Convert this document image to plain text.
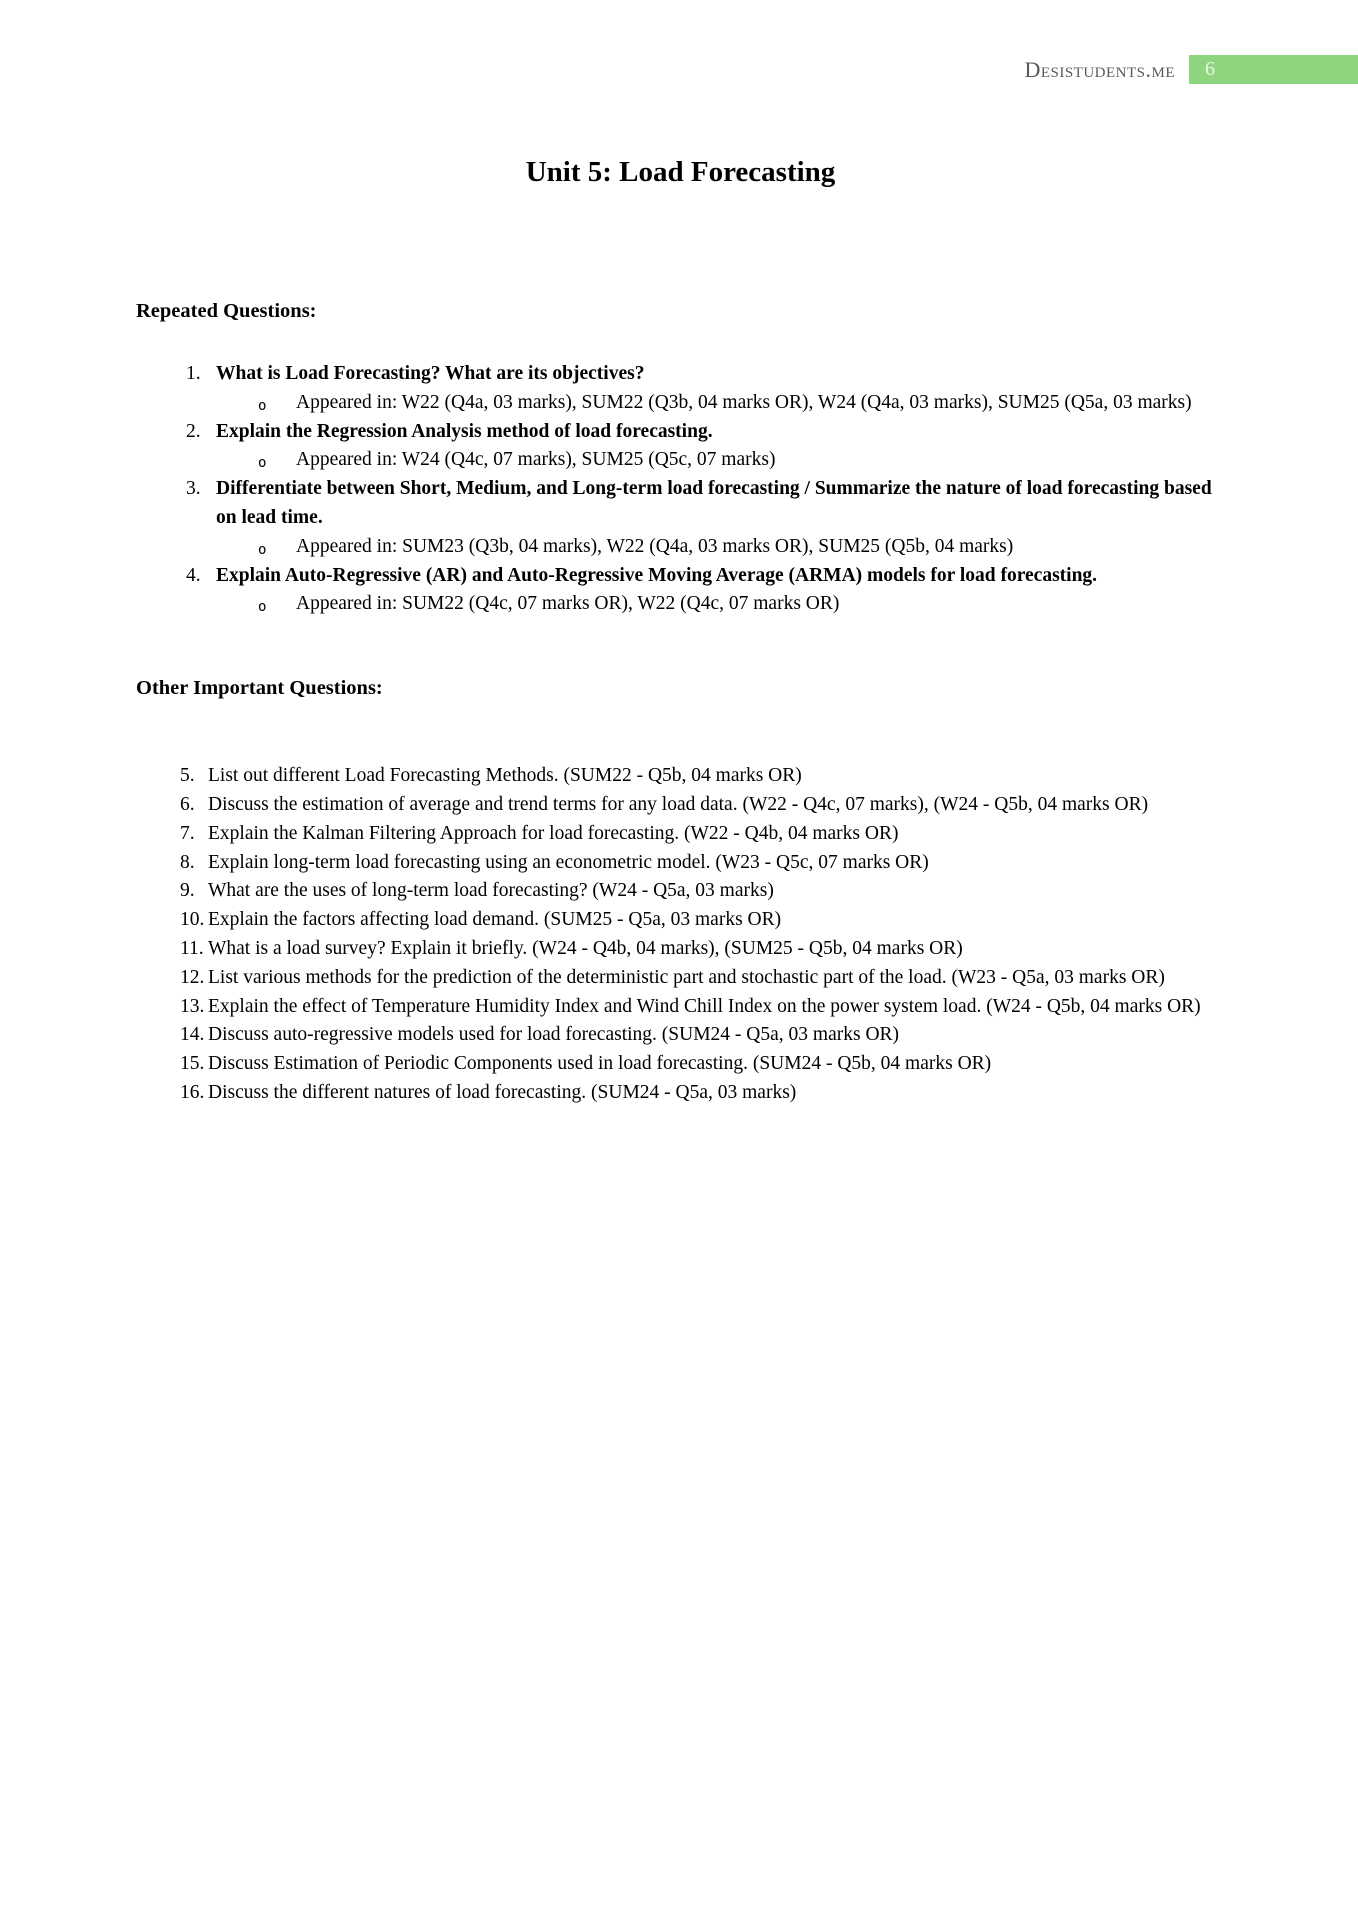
Desistudents.me	6
Unit 5: Load Forecasting
Repeated Questions:
1. What is Load Forecasting? What are its objectives?
o Appeared in: W22 (Q4a, 03 marks), SUM22 (Q3b, 04 marks OR), W24 (Q4a, 03 marks), SUM25 (Q5a, 03 marks)
2. Explain the Regression Analysis method of load forecasting.
o Appeared in: W24 (Q4c, 07 marks), SUM25 (Q5c, 07 marks)
3. Differentiate between Short, Medium, and Long-term load forecasting / Summarize the nature of load forecasting based on lead time.
o Appeared in: SUM23 (Q3b, 04 marks), W22 (Q4a, 03 marks OR), SUM25 (Q5b, 04 marks)
4. Explain Auto-Regressive (AR) and Auto-Regressive Moving Average (ARMA) models for load forecasting.
o Appeared in: SUM22 (Q4c, 07 marks OR), W22 (Q4c, 07 marks OR)
Other Important Questions:
5. List out different Load Forecasting Methods. (SUM22 - Q5b, 04 marks OR)
6. Discuss the estimation of average and trend terms for any load data. (W22 - Q4c, 07 marks), (W24 - Q5b, 04 marks OR)
7. Explain the Kalman Filtering Approach for load forecasting. (W22 - Q4b, 04 marks OR)
8. Explain long-term load forecasting using an econometric model. (W23 - Q5c, 07 marks OR)
9. What are the uses of long-term load forecasting? (W24 - Q5a, 03 marks)
10. Explain the factors affecting load demand. (SUM25 - Q5a, 03 marks OR)
11. What is a load survey? Explain it briefly. (W24 - Q4b, 04 marks), (SUM25 - Q5b, 04 marks OR)
12. List various methods for the prediction of the deterministic part and stochastic part of the load. (W23 - Q5a, 03 marks OR)
13. Explain the effect of Temperature Humidity Index and Wind Chill Index on the power system load. (W24 - Q5b, 04 marks OR)
14. Discuss auto-regressive models used for load forecasting. (SUM24 - Q5a, 03 marks OR)
15. Discuss Estimation of Periodic Components used in load forecasting. (SUM24 - Q5b, 04 marks OR)
16. Discuss the different natures of load forecasting. (SUM24 - Q5a, 03 marks)
